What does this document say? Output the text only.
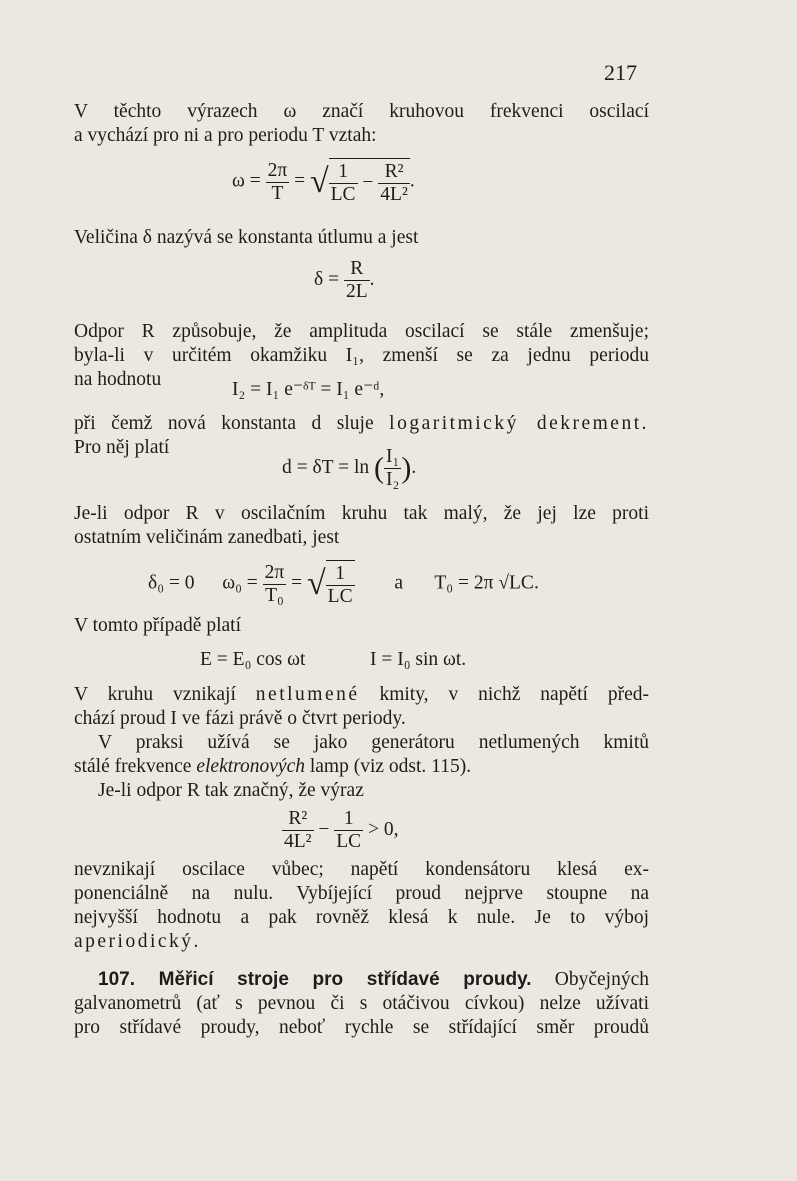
217
V těchto výrazech ω značí kruhovou frekvenci oscilací
a vychází pro ni a pro periodu T vztah:
$\omega = \frac{2\pi}{T}$ = √ $\frac{1}{LC} - \frac{\text{R²}}{\text{4L²}}$ .
Veličina δ nazývá se konstanta útlumu a jest
$\delta = \frac{R}{2L}$ .
Odpor R způsobuje, že amplituda oscilací se stále zmenšuje;
byla-li v určitém okamžiku I₁, zmenší se za jednu periodu
na hodnotu	I₂ = I₁ e⁻ᵟᵀ = I₁ e⁻ᵈ,
při čemž nová konstanta d sluje logaritmický dekrement.
Pro něj platí
d = δT = ln ( $\frac{\text{I₁}}{\text{I₂}}$ ).
Je-li odpor R v oscilačním kruhu tak malý, že jej lze proti
ostatním veličinám zanedbati, jest
δ₀ = 0 $\omega_0 = \frac{2\pi}{\text{T₀}}$ = √ $\frac{1}{LC}$ a T₀ = 2π √LC.
V tomto případě platí
E = E₀ cos ωt	I = I₀ sin ωt.
V kruhu vznikají netlumené kmity, v nichž napětí před-
chází proud I ve fázi právě o čtvrt periody.
V praksi užívá se jako generátoru netlumených kmitů
stálé frekvence elektronových lamp (viz odst. 115).
Je-li odpor R tak značný, že výraz
$\frac{\text{R²}}{\text{4L²}} - \frac{1}{LC} > 0$,
nevznikají oscilace vůbec; napětí kondensátoru klesá ex-
ponenciálně na nulu. Vybíjející proud nejprve stoupne na
nejvyšší hodnotu a pak rovněž klesá k nule. Je to výboj
aperiodický.
107. Měřicí stroje pro střídavé proudy. Obyčejných
galvanometrů (ať s pevnou či s otáčivou cívkou) nelze užívati
pro střídavé proudy, neboť rychle se střídající směr proudů
